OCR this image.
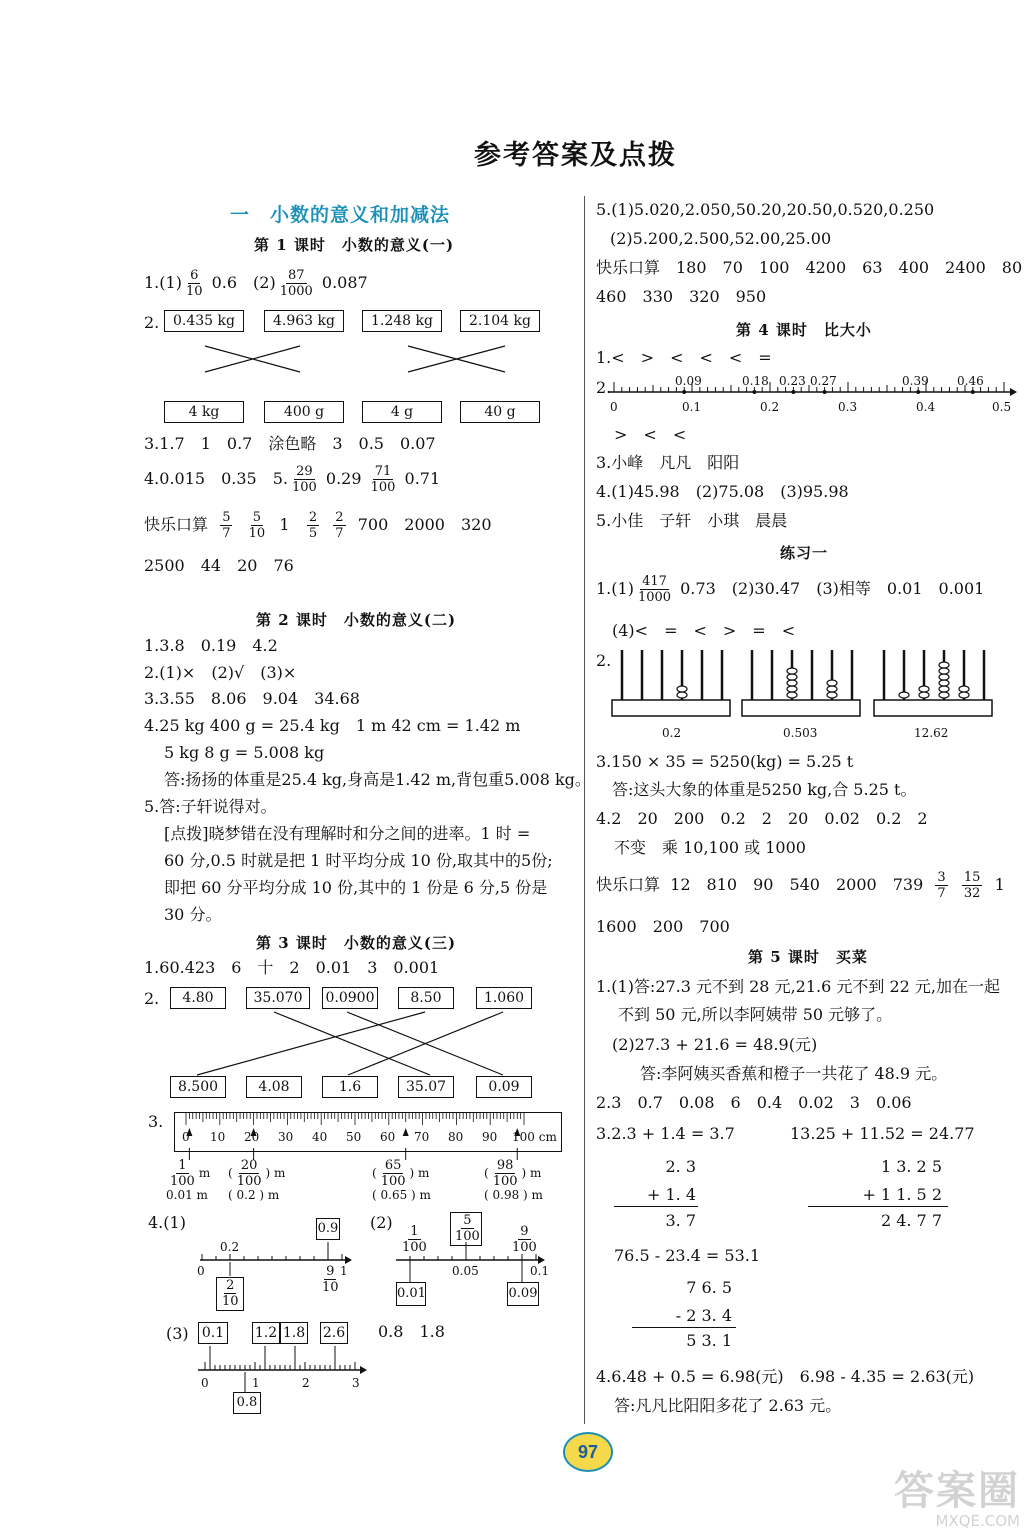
参考答案及点拨
一　小数的意义和加减法
第 1 课时　小数的意义(一)
$1.(1) \frac{6}{10} 0.6$　$(2) \frac{87}{1000} 0.087$
2. 0.435 kg	4.963 kg	1.248 kg	2.104 kg
4 kg	400 g	4 g	40 g
3.1.7　1　0.7　涂色略　3　0.5　0.07
4.0.015　0.35　5. $\frac{29}{100} 0.29 \frac{71}{100} 0.71$
快乐口算 $\frac{5}{7}$
$\frac{5}{10} 1 \frac{2}{5}$
$\frac{2}{7} 700$　2000　320
2500　44　20　76
第 2 课时　小数的意义(二)
1.3.8　0.19　4.2
2.(1)×　(2)√　(3)×
3.3.55　8.06　9.04　34.68
4.25 kg 400 g = 25.4 kg　1 m 42 cm = 1.42 m
5 kg 8 g = 5.008 kg
答:扬扬的体重是25.4 kg,身高是1.42 m,背包重5.008 kg。
5.答:子轩说得对。
[点拨]晓梦错在没有理解时和分之间的进率。1 时 =
60 分,0.5 时就是把 1 时平均分成 10 份,取其中的5份;
即把 60 分平均分成 10 份,其中的 1 份是 6 分,5 份是
30 分。
第 3 课时　小数的意义(三)
1.60.423　6　十　2　0.01　3　0.001
2.	4.80	35.070	0.0900	8.50	1.060
8.500	4.08	1.6	35.07	0.09
3.
0 10 20 30 40 50 60 70 80 90 100 cm
$\frac{1}{100}$ m ( $\frac{20}{100}$ ) m	( $\frac{65}{100}$ ) m	( $\frac{98}{100}$ ) m
0.01 m ( 0.2 ) m	( 0.65 ) m	( 0.98 ) m
4.(1)	(2)
0.2
0.9
0	1
$\frac{9}{10}$
$\frac{2}{10}$
$\frac{1}{100} \frac{5}{100} \frac{9}{100}$
0.05	0.1
0.01	0.09
(3) 0.1 1.2 1.8 2.6 0.8　1.8
0	1	2	3
0.8
5.(1)5.020,2.050,50.20,20.50,0.520,0.250
(2)5.200,2.500,52.00,25.00
快乐口算　180　70　100　4200　63　400　2400　80
460　330　320　950
第 4 课时　比大小
1.<　>　<　<　<　=
2.	0.09	0.18 0.23 0.27	0.39 0.46
0	0.1	0.2	0.3	0.4	0.5
>　<　<
3.小峰　凡凡　阳阳
4.(1)45.98　(2)75.08　(3)95.98
5.小佳　子轩　小琪　晨晨
练习一
$1.(1) \frac{417}{1000} 0.73$　(2)30.47　(3)相等　0.01　0.001
(4)<　=　<　>　=　<
2.
0.2	0.503	12.62
3.150 × 35 = 5250(kg) = 5.25 t
答:这头大象的体重是5250 kg,合 5.25 t。
4.2　20　200　0.2　2　20　0.02　0.2　2
不变　乘 10,100 或 1000
快乐口算 12　810　90　540　2000　$739 \frac{3}{7}$
$\frac{15}{32} 1$
1600　200　700
第 5 课时　买菜
1.(1)答:27.3 元不到 28 元,21.6 元不到 22 元,加在一起
不到 50 元,所以李阿姨带 50 元够了。
(2)27.3 + 21.6 = 48.9(元)
答:李阿姨买香蕉和橙子一共花了 48.9 元。
2.3　0.7　0.08　6　0.4　0.02　3　0.06
3.2.3 + 1.4 = 3.7	13.25 + 11.52 = 24.77
2. 3
+ 1. 4
3. 7
1 3. 2 5
+ 1 1. 5 2
2 4. 7 7
76.5 - 23.4 = 53.1
7 6. 5
- 2 3. 4
5 3. 1
4.6.48 + 0.5 = 6.98(元)　6.98 - 4.35 = 2.63(元)
答:凡凡比阳阳多花了 2.63 元。
97
答案圈
MXQE.COM
